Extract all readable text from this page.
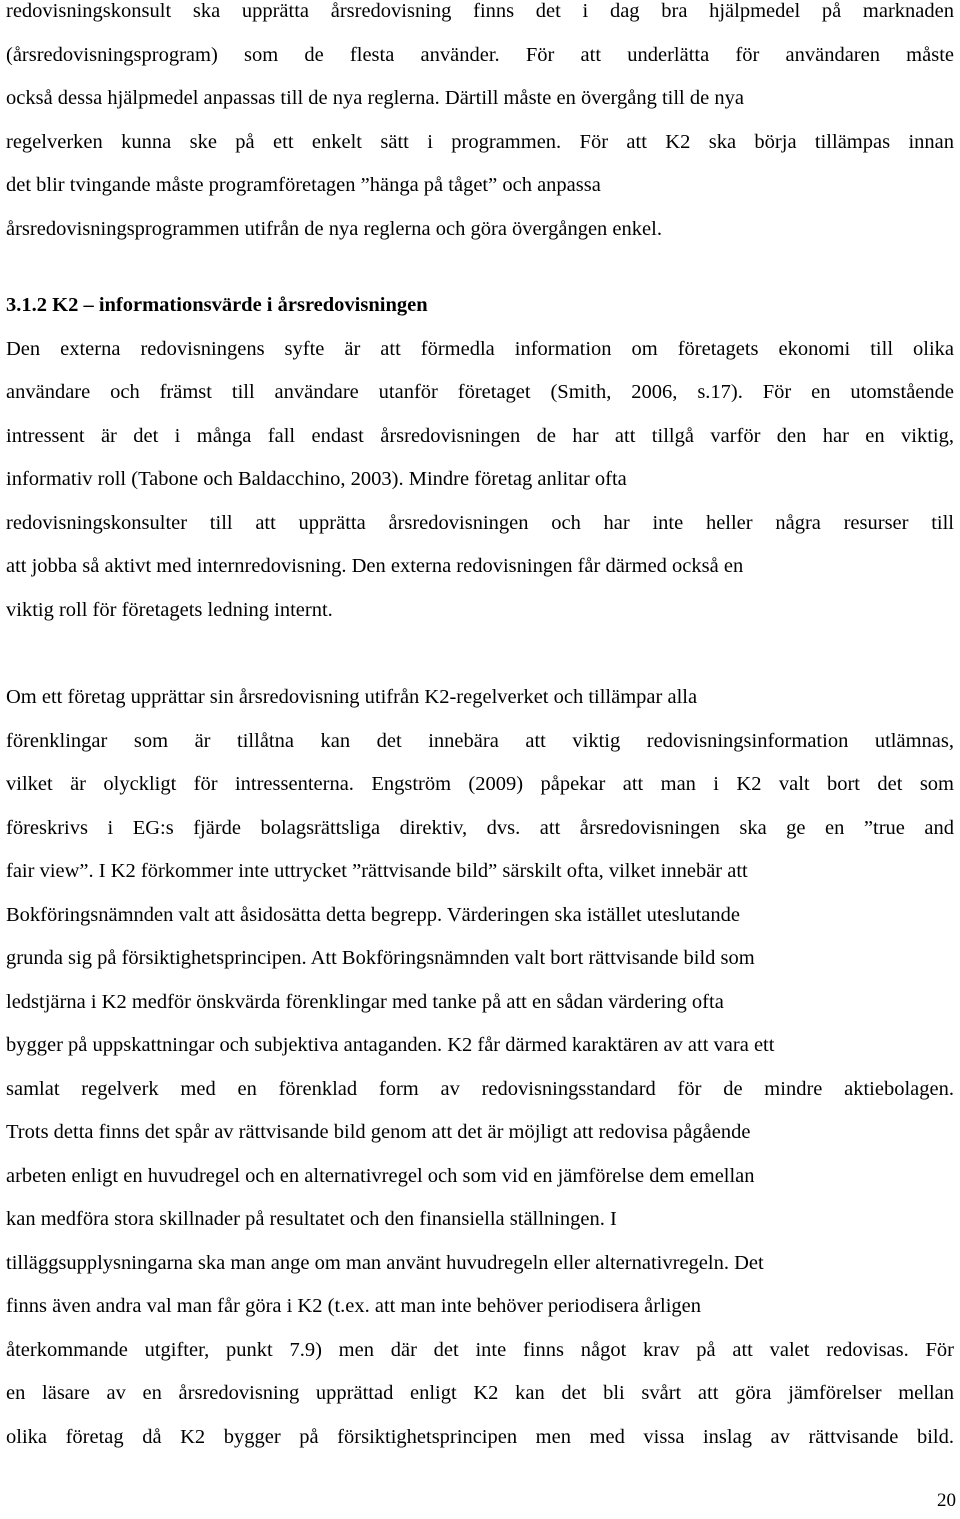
redovisningskonsult ska upprätta årsredovisning finns det i dag bra hjälpmedel på marknaden
(årsredovisningsprogram) som de flesta använder. För att underlätta för användaren måste
också dessa hjälpmedel anpassas till de nya reglerna. Därtill måste en övergång till de nya
regelverken kunna ske på ett enkelt sätt i programmen. För att K2 ska börja tillämpas innan
det blir tvingande måste programföretagen ”hänga på tåget” och anpassa
årsredovisningsprogrammen utifrån de nya reglerna och göra övergången enkel.

3.1.2 K2 – informationsvärde i årsredovisningen

Den externa redovisningens syfte är att förmedla information om företagets ekonomi till olika
användare och främst till användare utanför företaget (Smith, 2006, s.17). För en utomstående
intressent är det i många fall endast årsredovisningen de har att tillgå varför den har en viktig,
informativ roll (Tabone och Baldacchino, 2003). Mindre företag anlitar ofta
redovisningskonsulter till att upprätta årsredovisningen och har inte heller några resurser till
att jobba så aktivt med internredovisning. Den externa redovisningen får därmed också en
viktig roll för företagets ledning internt.

Om ett företag upprättar sin årsredovisning utifrån K2-regelverket och tillämpar alla
förenklingar som är tillåtna kan det innebära att viktig redovisningsinformation utlämnas,
vilket är olyckligt för intressenterna. Engström (2009) påpekar att man i K2 valt bort det som
föreskrivs i EG:s fjärde bolagsrättsliga direktiv, dvs. att årsredovisningen ska ge en ”true and
fair view”. I K2 förkommer inte uttrycket ”rättvisande bild” särskilt ofta, vilket innebär att
Bokföringsnämnden valt att åsidosätta detta begrepp. Värderingen ska istället uteslutande
grunda sig på försiktighetsprincipen. Att Bokföringsnämnden valt bort rättvisande bild som
ledstjärna i K2 medför önskvärda förenklingar med tanke på att en sådan värdering ofta
bygger på uppskattningar och subjektiva antaganden. K2 får därmed karaktären av att vara ett
samlat regelverk med en förenklad form av redovisningsstandard för de mindre aktiebolagen.
Trots detta finns det spår av rättvisande bild genom att det är möjligt att redovisa pågående
arbeten enligt en huvudregel och en alternativregel och som vid en jämförelse dem emellan
kan medföra stora skillnader på resultatet och den finansiella ställningen. I
tilläggsupplysningarna ska man ange om man använt huvudregeln eller alternativregeln. Det
finns även andra val man får göra i K2 (t.ex. att man inte behöver periodisera årligen
återkommande utgifter, punkt 7.9) men där det inte finns något krav på att valet redovisas. För
en läsare av en årsredovisning upprättad enligt K2 kan det bli svårt att göra jämförelser mellan
olika företag då K2 bygger på försiktighetsprincipen men med vissa inslag av rättvisande bild.

20
